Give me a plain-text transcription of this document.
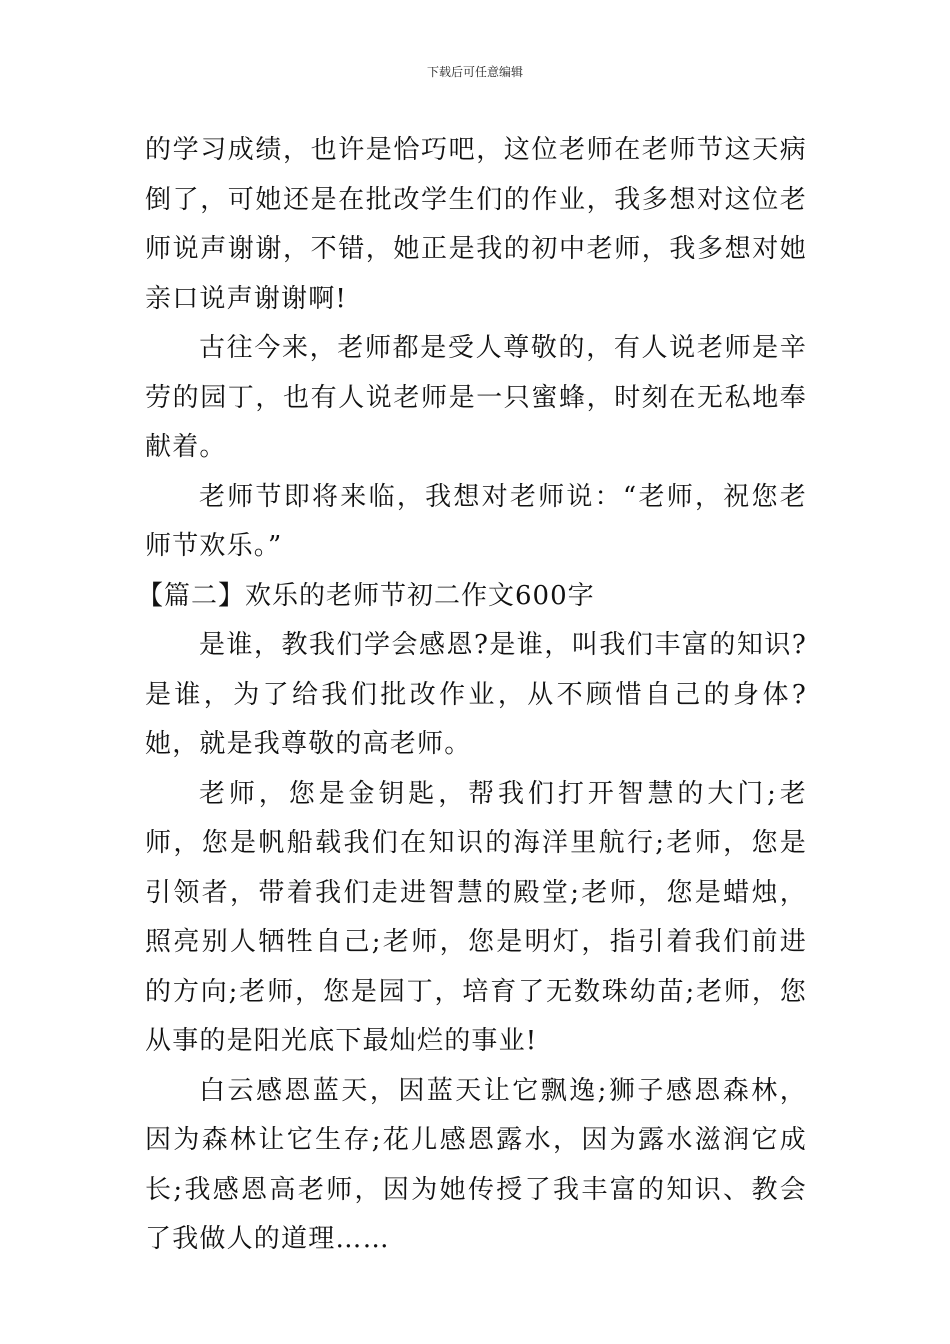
下载后可任意编辑

的学习成绩，也许是恰巧吧，这位老师在老师节这天病倒了，可她还是在批改学生们的作业，我多想对这位老师说声谢谢，不错，她正是我的初中老师，我多想对她亲口说声谢谢啊!

古往今来，老师都是受人尊敬的，有人说老师是辛劳的园丁，也有人说老师是一只蜜蜂，时刻在无私地奉献着。

老师节即将来临，我想对老师说：“老师，祝您老师节欢乐。”

【篇二】欢乐的老师节初二作文600字

是谁，教我们学会感恩?是谁，叫我们丰富的知识?是谁，为了给我们批改作业，从不顾惜自己的身体?她，就是我尊敬的高老师。

老师，您是金钥匙，帮我们打开智慧的大门;老师，您是帆船载我们在知识的海洋里航行;老师，您是引领者，带着我们走进智慧的殿堂;老师，您是蜡烛，照亮别人牺牲自己;老师，您是明灯，指引着我们前进的方向;老师，您是园丁，培育了无数珠幼苗;老师，您从事的是阳光底下最灿烂的事业!

白云感恩蓝天，因蓝天让它飘逸;狮子感恩森林，因为森林让它生存;花儿感恩露水，因为露水滋润它成长;我感恩高老师，因为她传授了我丰富的知识、教会了我做人的道理……
